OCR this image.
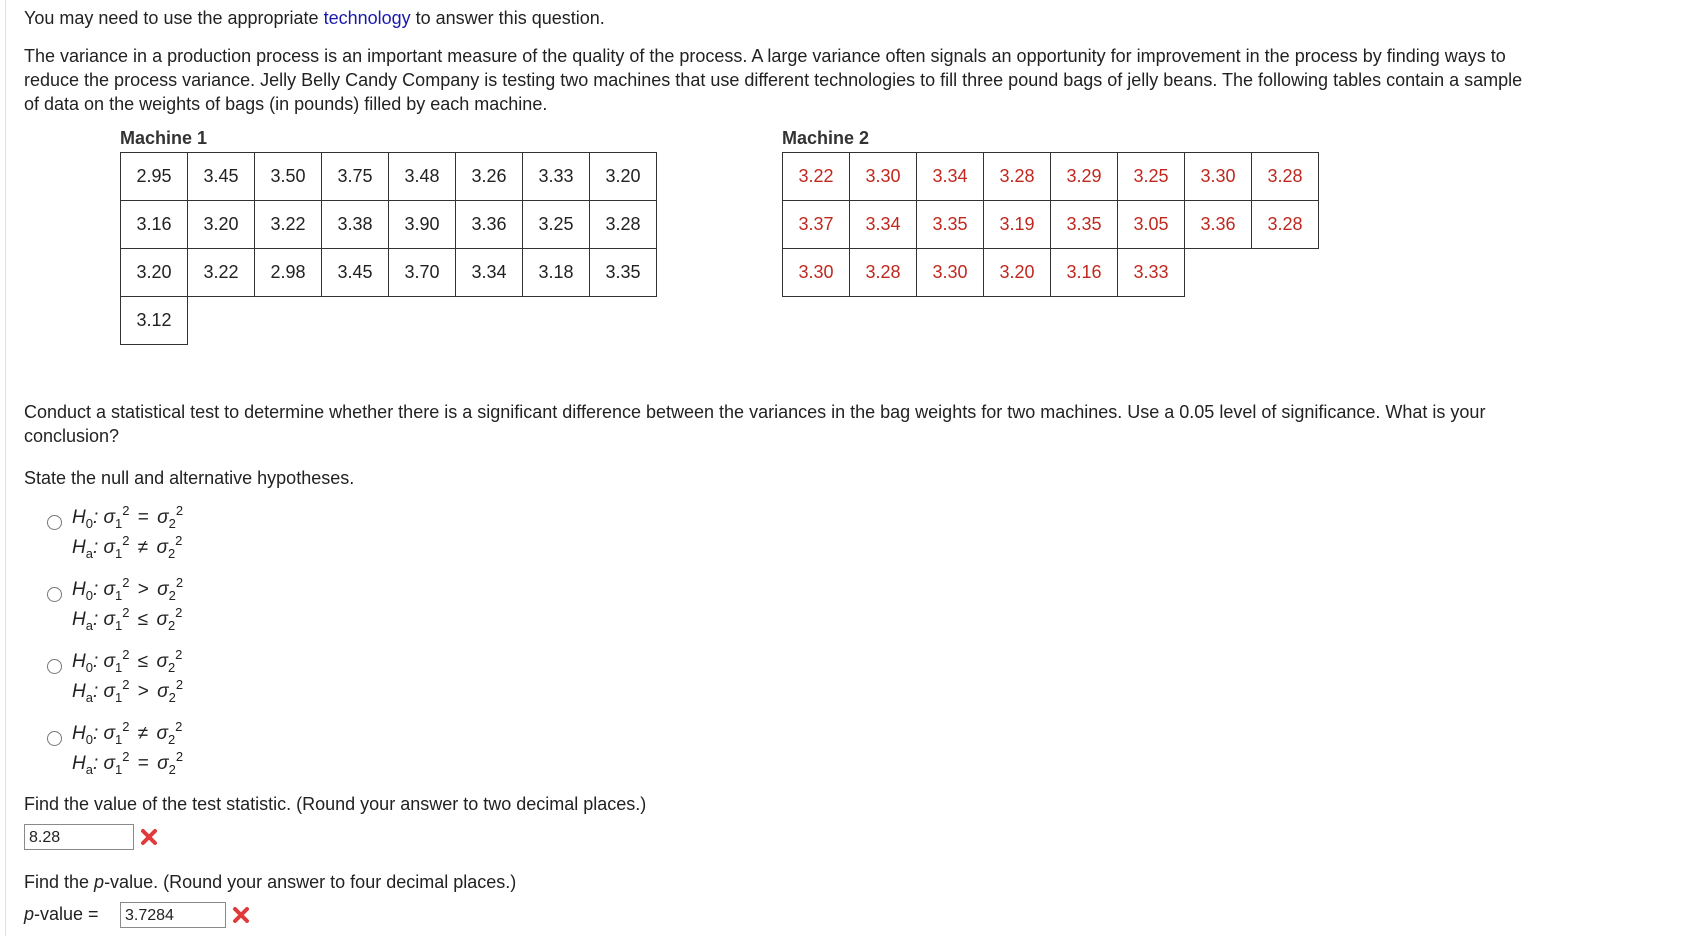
You may need to use the appropriate technology to answer this question.
The variance in a production process is an important measure of the quality of the process. A large variance often signals an opportunity for improvement in the process by finding ways to
reduce the process variance. Jelly Belly Candy Company is testing two machines that use different technologies to fill three pound bags of jelly beans. The following tables contain a sample
of data on the weights of bags (in pounds) filled by each machine.
Machine 1
2.95	3.45	3.50	3.75	3.48	3.26	3.33	3.20
3.16	3.20	3.22	3.38	3.90	3.36	3.25	3.28
3.20	3.22	2.98	3.45	3.70	3.34	3.18	3.35
3.12							
Machine 2
3.22	3.30	3.34	3.28	3.29	3.25	3.30	3.28
3.37	3.34	3.35	3.19	3.35	3.05	3.36	3.28
3.30	3.28	3.30	3.20	3.16	3.33		
Conduct a statistical test to determine whether there is a significant difference between the variances in the bag weights for two machines. Use a 0.05 level of significance. What is your
conclusion?
State the null and alternative hypotheses.
$H_0$: $\sigma_1^2 = \sigma_2^2$
$H_a$: $\sigma_1^2 \ne \sigma_2^2$
$H_0$: $\sigma_1^2 > \sigma_2^2$
$H_a$: $\sigma_1^2 \le \sigma_2^2$
$H_0$: $\sigma_1^2 \le \sigma_2^2$
$H_a$: $\sigma_1^2 > \sigma_2^2$
$H_0$: $\sigma_1^2 \ne \sigma_2^2$
$H_a$: $\sigma_1^2 = \sigma_2^2$
Find the value of the test statistic. (Round your answer to two decimal places.)
8.28
Find the p-value. (Round your answer to four decimal places.)
p-value =	3.7284
